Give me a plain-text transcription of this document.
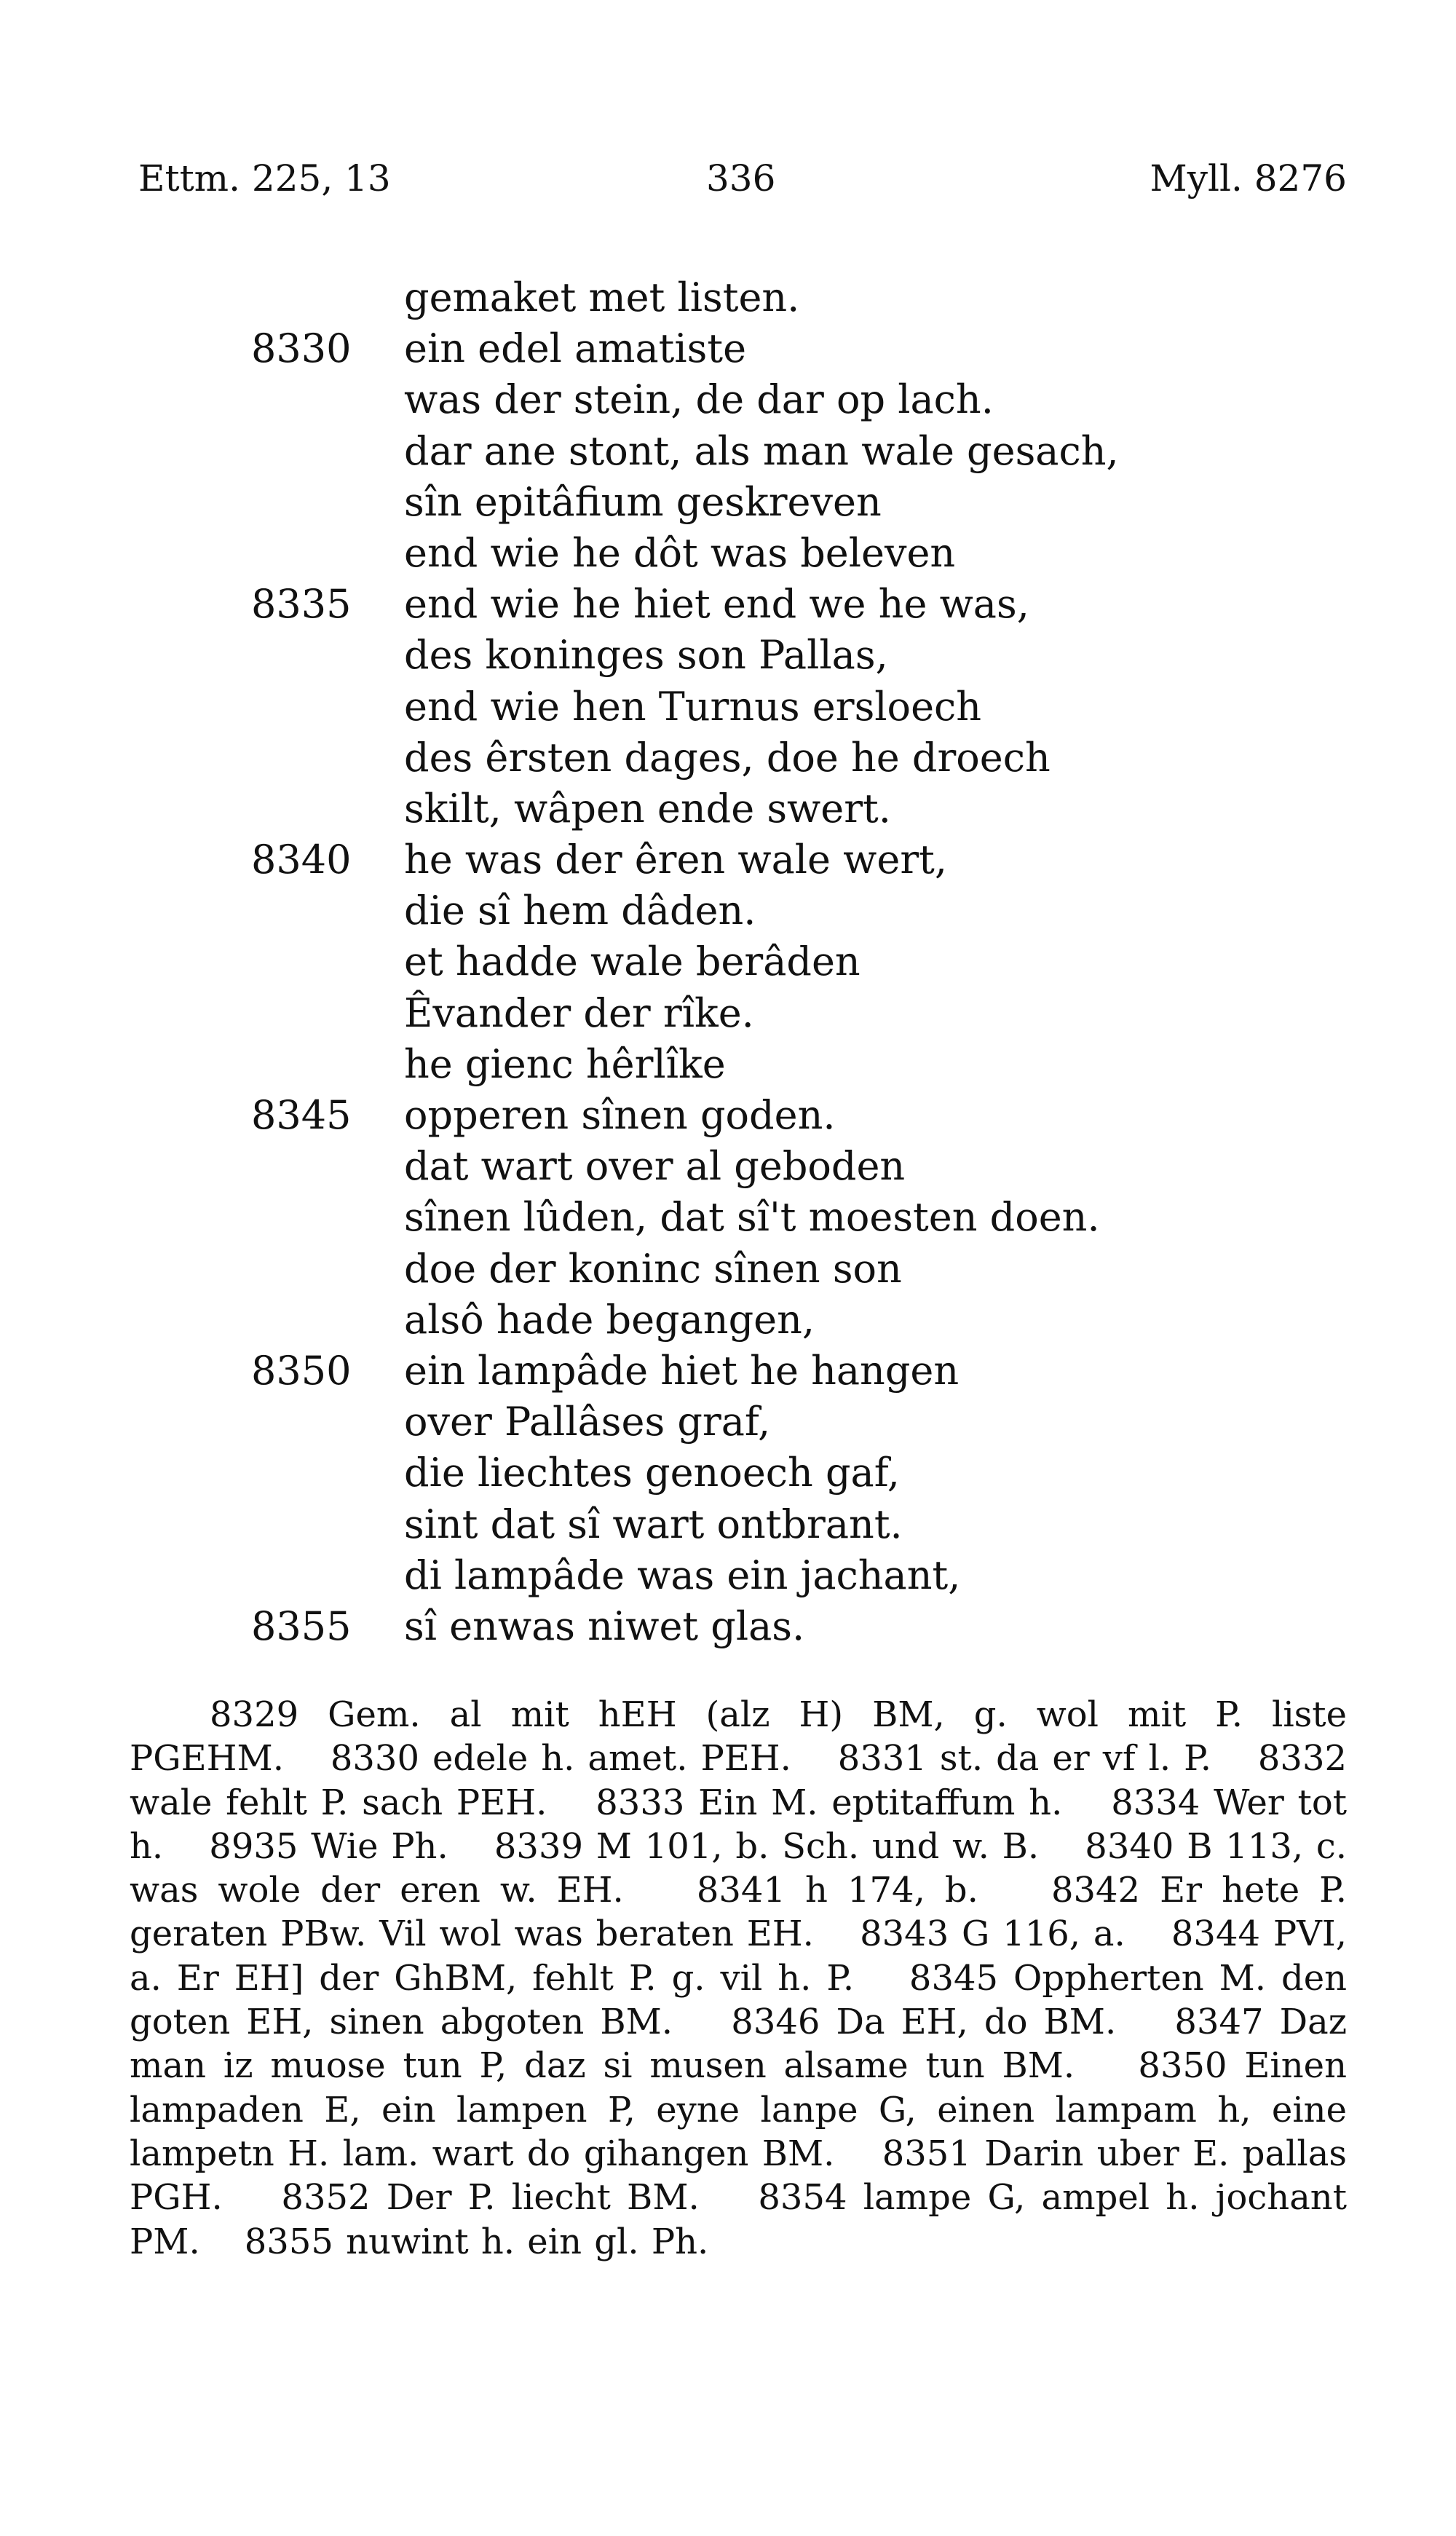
Ettm. 225, 13	336	Myll. 8276
gemaket met listen.
8330 ein edel amatiste
was der stein, de dar op lach.
dar ane stont, als man wale gesach,
sîn epitâfium geskreven
end wie he dôt was beleven
8335 end wie he hiet end we he was,
des koninges son Pallas,
end wie hen Turnus ersloech
des êrsten dages, doe he droech
skilt, wâpen ende swert.
8340 he was der êren wale wert,
die sî hem dâden.
et hadde wale berâden
Êvander der rîke.
he gienc hêrlîke
8345 opperen sînen goden.
dat wart over al geboden
sînen lûden, dat sî't moesten doen.
doe der koninc sînen son
alsô hade begangen,
8350 ein lampâde hiet he hangen
over Pallâses graf,
die liechtes genoech gaf,
sint dat sî wart ontbrant.
di lampâde was ein jachant,
8355 sî enwas niwet glas.

8329 Gem. al mit hEH (alz H) BM, g. wol mit P. liste PGEHM. 8330 edele h. amet. PEH. 8331 st. da er vf l. P. 8332 wale fehlt P. sach PEH. 8333 Ein M. eptitaffum h. 8334 Wer tot h. 8935 Wie Ph. 8339 M 101, b. Sch. und w. B. 8340 B 113, c. was wole der eren w. EH. 8341 h 174, b. 8342 Er hete P. geraten PBw. Vil wol was beraten EH. 8343 G 116, a. 8344 PVI, a. Er EH] der GhBM, fehlt P. g. vil h. P. 8345 Oppherten M. den goten EH, sinen abgoten BM. 8346 Da EH, do BM. 8347 Daz man iz muose tun P, daz si musen alsame tun BM. 8350 Einen lampaden E, ein lampen P, eyne lanpe G, einen lampam h, eine lampetn H. lam. wart do gihangen BM. 8351 Darin uber E. pallas PGH. 8352 Der P. liecht BM. 8354 lampe G, ampel h. jochant PM. 8355 nuwint h. ein gl. Ph.
